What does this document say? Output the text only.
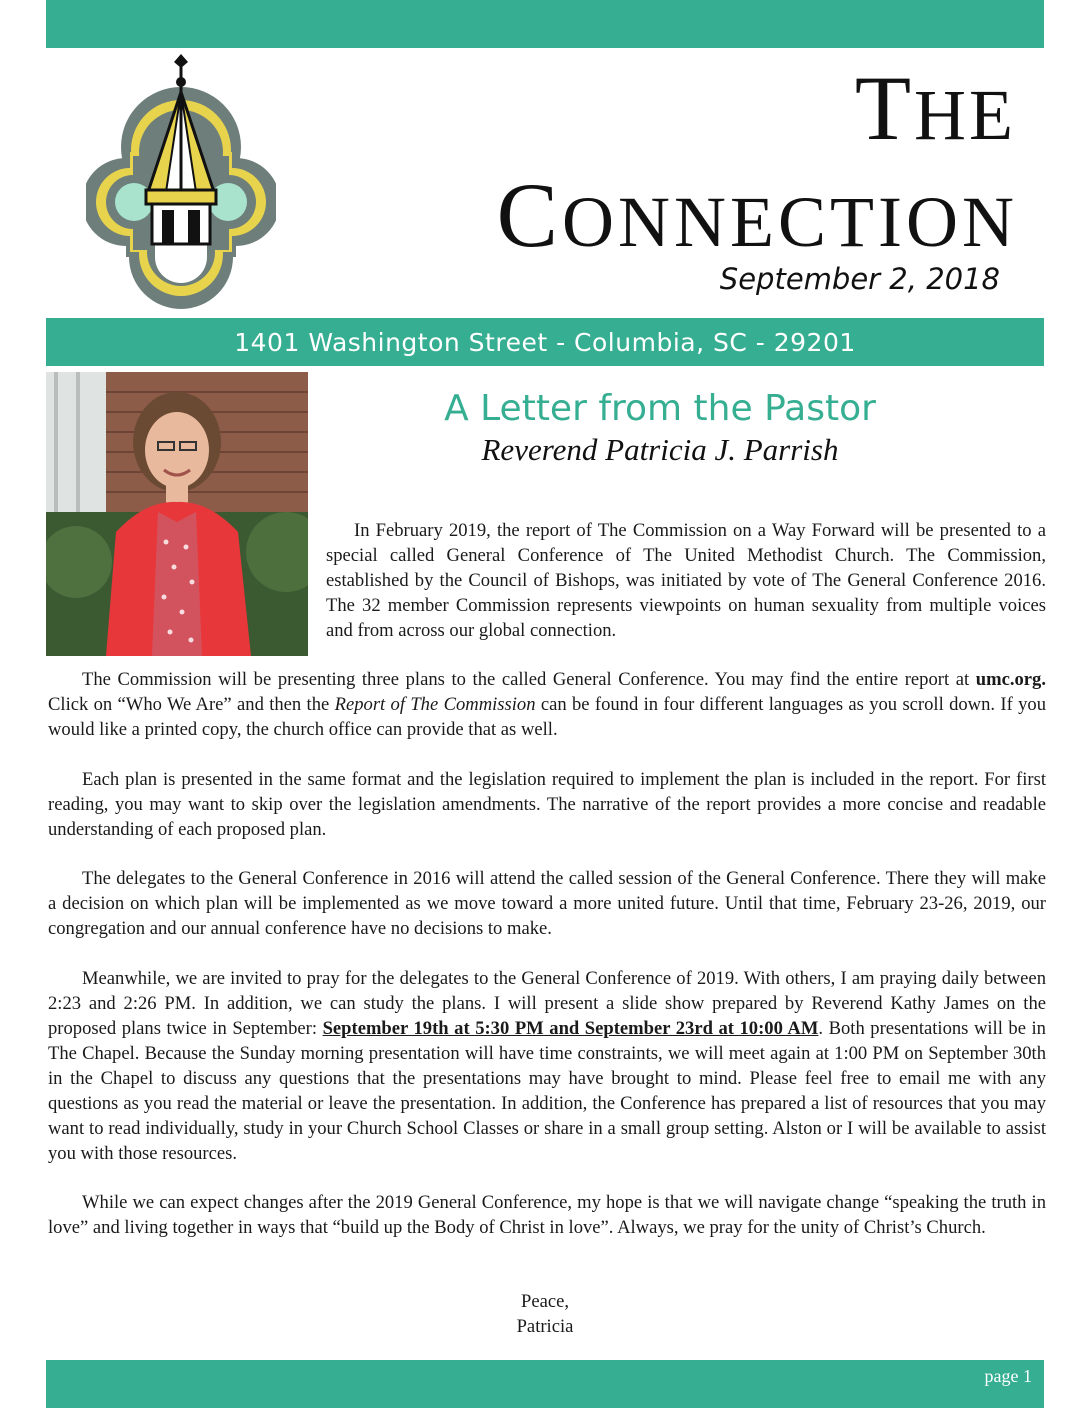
THE
CONNECTION
September 2, 2018
1401 Washington Street - Columbia, SC - 29201
A Letter from the Pastor
Reverend Patricia J. Parrish

In February 2019, the report of The Commission on a Way Forward will be presented to a special called General Conference of The United Methodist Church. The Commission, established by the Council of Bishops, was initiated by vote of The General Conference 2016. The 32 member Commission represents viewpoints on human sexuality from multiple voices and from across our global connection.

The Commission will be presenting three plans to the called General Conference. You may find the entire report at umc.org. Click on “Who We Are” and then the Report of The Commission can be found in four different languages as you scroll down. If you would like a printed copy, the church office can provide that as well.

Each plan is presented in the same format and the legislation required to implement the plan is included in the report. For first reading, you may want to skip over the legislation amendments. The narrative of the report provides a more concise and readable understanding of each proposed plan.

The delegates to the General Conference in 2016 will attend the called session of the General Conference. There they will make a decision on which plan will be implemented as we move toward a more united future. Until that time, February 23-26, 2019, our congregation and our annual conference have no decisions to make.

Meanwhile, we are invited to pray for the delegates to the General Conference of 2019. With others, I am praying daily between 2:23 and 2:26 PM. In addition, we can study the plans. I will present a slide show prepared by Reverend Kathy James on the proposed plans twice in September: September 19th at 5:30 PM and September 23rd at 10:00 AM. Both presentations will be in The Chapel. Because the Sunday morning presentation will have time constraints, we will meet again at 1:00 PM on September 30th in the Chapel to discuss any questions that the presentations may have brought to mind. Please feel free to email me with any questions as you read the material or leave the presentation. In addition, the Conference has prepared a list of resources that you may want to read individually, study in your Church School Classes or share in a small group setting. Alston or I will be available to assist you with those resources.

While we can expect changes after the 2019 General Conference, my hope is that we will navigate change “speaking the truth in love” and living together in ways that “build up the Body of Christ in love”. Always, we pray for the unity of Christ’s Church.

Peace,
Patricia
page 1
